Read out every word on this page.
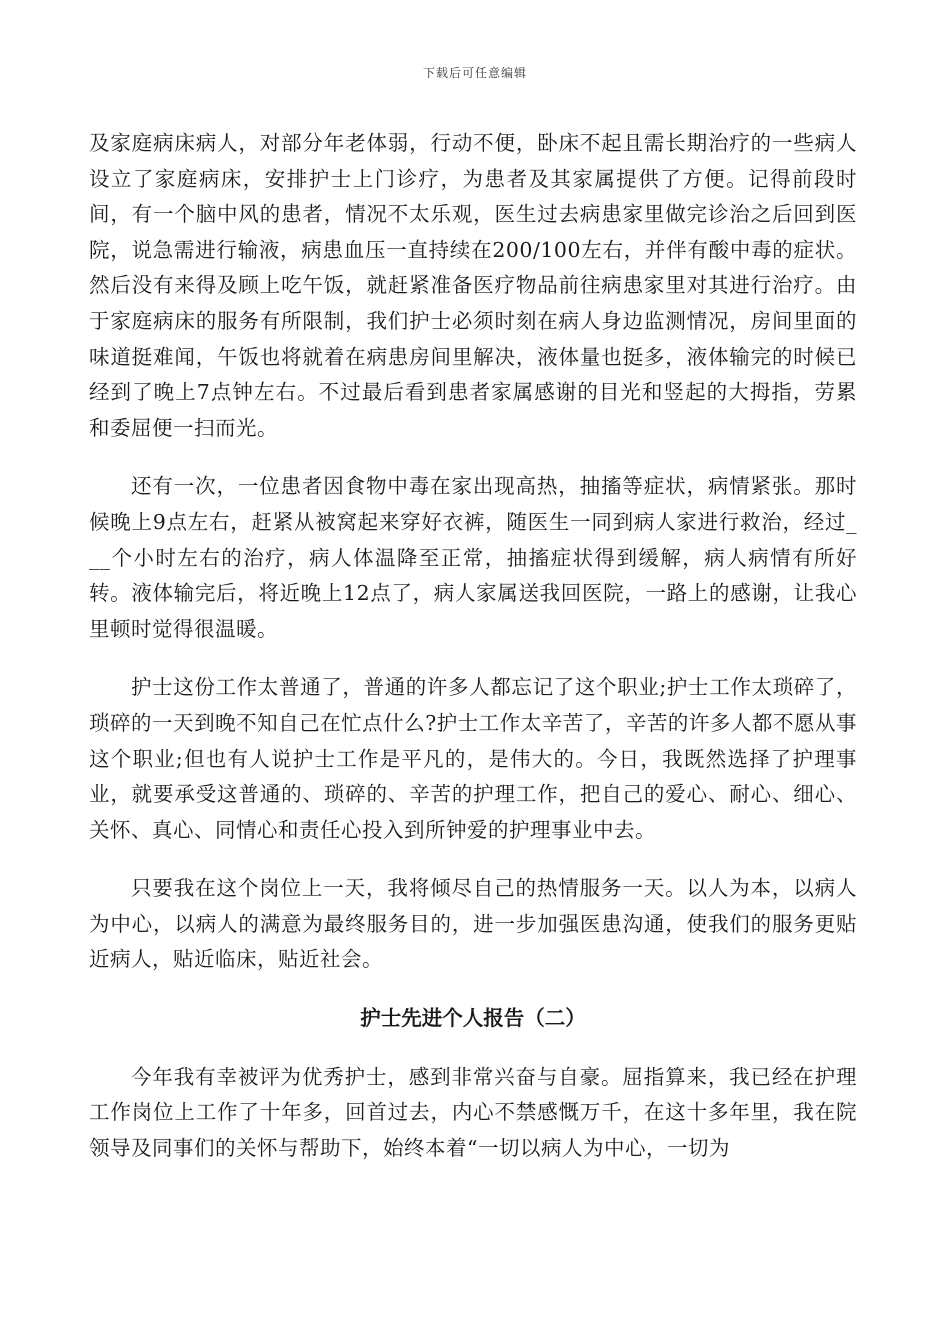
下载后可任意编辑

及家庭病床病人，对部分年老体弱，行动不便，卧床不起且需长期治疗的一些病人设立了家庭病床，安排护士上门诊疗，为患者及其家属提供了方便。记得前段时间，有一个脑中风的患者，情况不太乐观，医生过去病患家里做完诊治之后回到医院，说急需进行输液，病患血压一直持续在200/100左右，并伴有酸中毒的症状。然后没有来得及顾上吃午饭，就赶紧准备医疗物品前往病患家里对其进行治疗。由于家庭病床的服务有所限制，我们护士必须时刻在病人身边监测情况，房间里面的味道挺难闻，午饭也将就着在病患房间里解决，液体量也挺多，液体输完的时候已经到了晚上7点钟左右。不过最后看到患者家属感谢的目光和竖起的大拇指，劳累和委屈便一扫而光。

还有一次，一位患者因食物中毒在家出现高热，抽搐等症状，病情紧张。那时候晚上9点左右，赶紧从被窝起来穿好衣裤，随医生一同到病人家进行救治，经过___个小时左右的治疗，病人体温降至正常，抽搐症状得到缓解，病人病情有所好转。液体输完后，将近晚上12点了，病人家属送我回医院，一路上的感谢，让我心里顿时觉得很温暖。

护士这份工作太普通了，普通的许多人都忘记了这个职业;护士工作太琐碎了，琐碎的一天到晚不知自己在忙点什么?护士工作太辛苦了，辛苦的许多人都不愿从事这个职业;但也有人说护士工作是平凡的，是伟大的。今日，我既然选择了护理事业，就要承受这普通的、琐碎的、辛苦的护理工作，把自己的爱心、耐心、细心、关怀、真心、同情心和责任心投入到所钟爱的护理事业中去。

只要我在这个岗位上一天，我将倾尽自己的热情服务一天。以人为本，以病人为中心，以病人的满意为最终服务目的，进一步加强医患沟通，使我们的服务更贴近病人，贴近临床，贴近社会。

护士先进个人报告（二）

今年我有幸被评为优秀护士，感到非常兴奋与自豪。屈指算来，我已经在护理工作岗位上工作了十年多，回首过去，内心不禁感慨万千，在这十多年里，我在院领导及同事们的关怀与帮助下，始终本着“一切以病人为中心，一切为
